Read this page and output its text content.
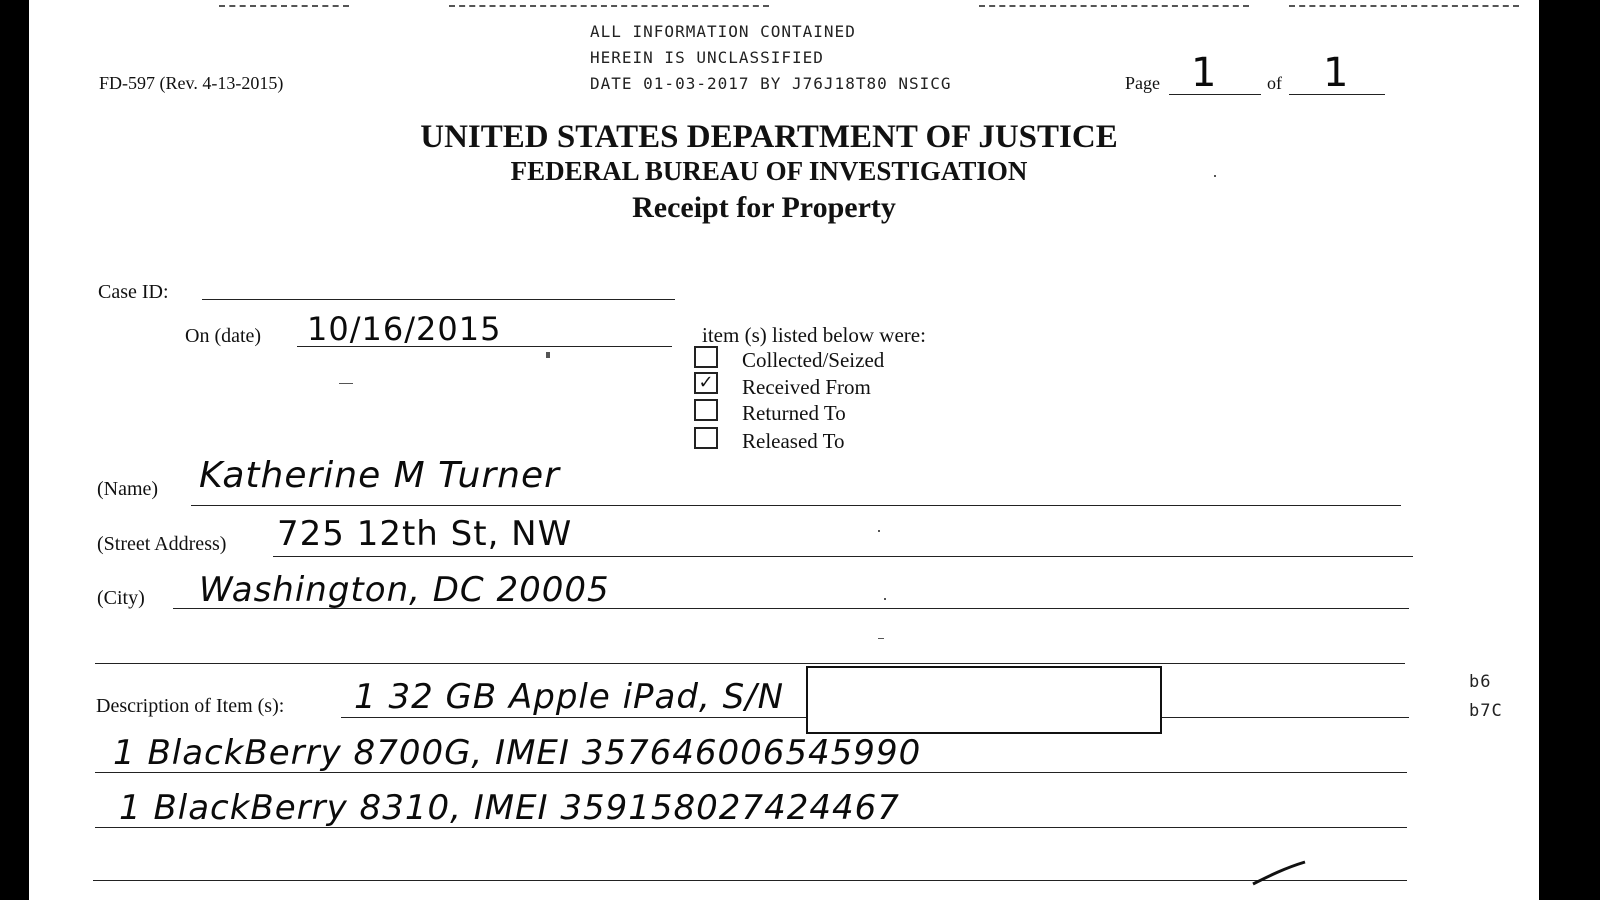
ALL INFORMATION CONTAINED
HEREIN IS UNCLASSIFIED
DATE 01-03-2017 BY J76J18T80 NSICG
FD-597 (Rev. 4-13-2015)	Page 1	of 1
UNITED STATES DEPARTMENT OF JUSTICE
FEDERAL BUREAU OF INVESTIGATION
Receipt for Property
Case ID:
On (date) 10/16/2015	item (s) listed below were:
Collected/Seized
✓ Received From
Returned To
Released To
(Name) Katherine M Turner
(Street Address) 725 12th St, NW
(City) Washington, DC 20005
Description of Item (s): 1 32 GB Apple iPad, S/N	b6
b7C
1 BlackBerry 8700G, IMEI 357646006545990
1 BlackBerry 8310, IMEI 359158027424467
